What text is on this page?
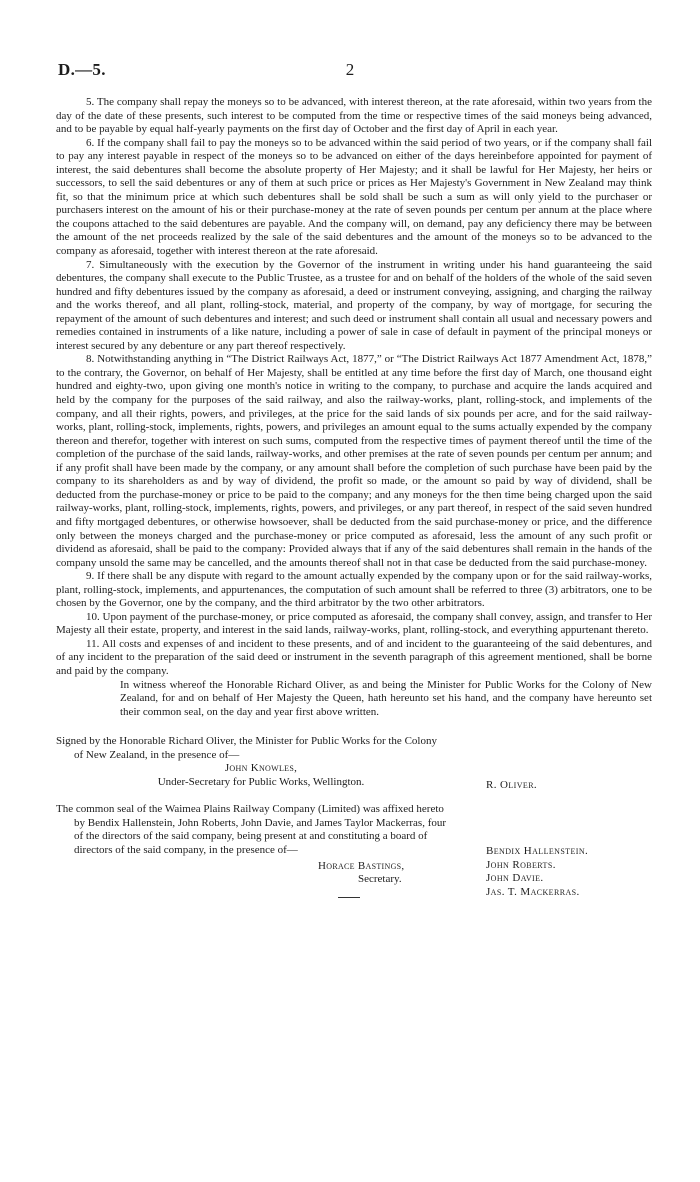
D.—5.	2

5. The company shall repay the moneys so to be advanced, with interest thereon, at the rate aforesaid, within two years from the day of the date of these presents, such interest to be computed from the time or respective times of the said moneys being advanced, and to be payable by equal half-yearly payments on the first day of October and the first day of April in each year.

6. If the company shall fail to pay the moneys so to be advanced within the said period of two years, or if the company shall fail to pay any interest payable in respect of the moneys so to be advanced on either of the days hereinbefore appointed for payment of interest, the said debentures shall become the absolute property of Her Majesty; and it shall be lawful for Her Majesty, her heirs or successors, to sell the said debentures or any of them at such price or prices as Her Majesty's Government in New Zealand may think fit, so that the minimum price at which such debentures shall be sold shall be such a sum as will only yield to the purchaser or purchasers interest on the amount of his or their purchase-money at the rate of seven pounds per centum per annum at the place where the coupons attached to the said debentures are payable. And the company will, on demand, pay any deficiency there may be between the amount of the net proceeds realized by the sale of the said debentures and the amount of the moneys so to be advanced to the company as aforesaid, together with interest thereon at the rate aforesaid.

7. Simultaneously with the execution by the Governor of the instrument in writing under his hand guaranteeing the said debentures, the company shall execute to the Public Trustee, as a trustee for and on behalf of the holders of the whole of the said seven hundred and fifty debentures issued by the company as aforesaid, a deed or instrument conveying, assigning, and charging the railway and the works thereof, and all plant, rolling-stock, material, and property of the company, by way of mortgage, for securing the repayment of the amount of such debentures and interest; and such deed or instrument shall contain all usual and necessary powers and remedies contained in instruments of a like nature, including a power of sale in case of default in payment of the principal moneys or interest secured by any debenture or any part thereof respectively.

8. Notwithstanding anything in “The District Railways Act, 1877,” or “The District Railways Act 1877 Amendment Act, 1878,” to the contrary, the Governor, on behalf of Her Majesty, shall be entitled at any time before the first day of March, one thousand eight hundred and eighty-two, upon giving one month's notice in writing to the company, to purchase and acquire the lands acquired and held by the company for the purposes of the said railway, and also the railway-works, plant, rolling-stock, and implements of the company, and all their rights, powers, and privileges, at the price for the said lands of six pounds per acre, and for the said railway-works, plant, rolling-stock, implements, rights, powers, and privileges an amount equal to the sums actually expended by the company thereon and therefor, together with interest on such sums, computed from the respective times of payment thereof until the time of the completion of the purchase of the said lands, railway-works, and other premises at the rate of seven pounds per centum per annum; and if any profit shall have been made by the company, or any amount shall before the completion of such purchase have been paid by the company to its shareholders as and by way of dividend, the profit so made, or the amount so paid by way of dividend, shall be deducted from the purchase-money or price to be paid to the company; and any moneys for the then time being charged upon the said railway-works, plant, rolling-stock, implements, rights, powers, and privileges, or any part thereof, in respect of the said seven hundred and fifty mortgaged debentures, or otherwise howsoever, shall be deducted from the said purchase-money or price, and the difference only between the moneys charged and the purchase-money or price computed as aforesaid, less the amount of any such profit or dividend as aforesaid, shall be paid to the company: Provided always that if any of the said debentures shall remain in the hands of the company unsold the same may be cancelled, and the amounts thereof shall not in that case be deducted from the said purchase-money.

9. If there shall be any dispute with regard to the amount actually expended by the company upon or for the said railway-works, plant, rolling-stock, implements, and appurtenances, the computation of such amount shall be referred to three (3) arbitrators, one to be chosen by the Governor, one by the company, and the third arbitrator by the two other arbitrators.

10. Upon payment of the purchase-money, or price computed as aforesaid, the company shall convey, assign, and transfer to Her Majesty all their estate, property, and interest in the said lands, railway-works, plant, rolling-stock, and everything appurtenant thereto.

11. All costs and expenses of and incident to these presents, and of and incident to the guaranteeing of the said debentures, and of any incident to the preparation of the said deed or instrument in the seventh paragraph of this agreement mentioned, shall be borne and paid by the company.

In witness whereof the Honorable Richard Oliver, as and being the Minister for Public Works for the Colony of New Zealand, for and on behalf of Her Majesty the Queen, hath hereunto set his hand, and the company have hereunto set their common seal, on the day and year first above written.

Signed by the Honorable Richard Oliver, the Minister for Public Works for the Colony of New Zealand, in the presence of—

John Knowles,

Under-Secretary for Public Works, Wellington.	R. Oliver.

The common seal of the Waimea Plains Railway Company (Limited) was affixed hereto by Bendix Hallenstein, John Roberts, John Davie, and James Taylor Mackerras, four of the directors of the said company, being present at and constituting a board of directors of the said company, in the presence of—	Bendix Hallenstein.
John Roberts.
John Davie.
Jas. T. Mackerras.
Horace Bastings,
Secretary.
